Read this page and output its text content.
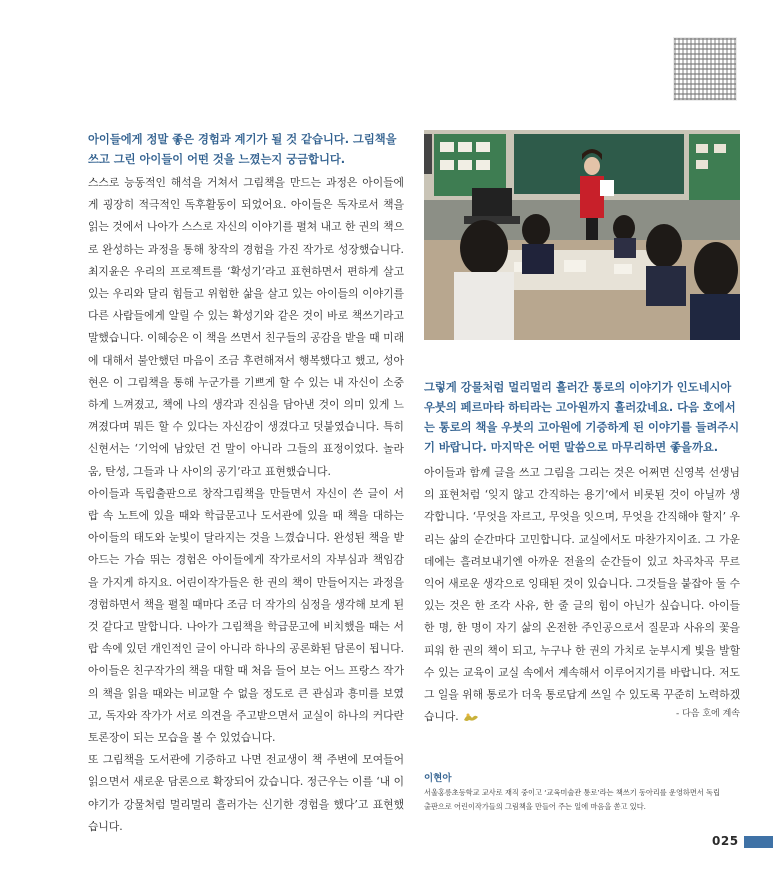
아이들에게 정말 좋은 경험과 계기가 될 것 같습니다. 그림책을 쓰고 그린 아이들이 어떤 것을 느꼈는지 궁금합니다.

스스로 능동적인 해석을 거쳐서 그림책을 만드는 과정은 아이들에게 굉장히 적극적인 독후활동이 되었어요. 아이들은 독자로서 책을 읽는 것에서 나아가 스스로 자신의 이야기를 펼쳐 내고 한 권의 책으로 완성하는 과정을 통해 창작의 경험을 가진 작가로 성장했습니다. 최지윤은 우리의 프로젝트를 ‘확성기’라고 표현하면서 편하게 살고 있는 우리와 달리 힘들고 위험한 삶을 살고 있는 아이들의 이야기를 다른 사람들에게 알릴 수 있는 확성기와 같은 것이 바로 책쓰기라고 말했습니다. 이혜승은 이 책을 쓰면서 친구들의 공감을 받을 때 미래에 대해서 불안했던 마음이 조금 후련해져서 행복했다고 했고, 성아현은 이 그림책을 통해 누군가를 기쁘게 할 수 있는 내 자신이 소중하게 느껴졌고, 책에 나의 생각과 진심을 담아낸 것이 의미 있게 느껴졌다며 뭐든 할 수 있다는 자신감이 생겼다고 덧붙였습니다. 특히 신현서는 ‘기억에 남았던 건 말이 아니라 그들의 표정이었다. 놀라움, 탄성, 그들과 나 사이의 공기’라고 표현했습니다.

아이들과 독립출판으로 창작그림책을 만들면서 자신이 쓴 글이 서랍 속 노트에 있을 때와 학급문고나 도서관에 있을 때 책을 대하는 아이들의 태도와 눈빛이 달라지는 것을 느꼈습니다. 완성된 책을 받아드는 가슴 뛰는 경험은 아이들에게 작가로서의 자부심과 책임감을 가지게 하지요. 어린이작가들은 한 권의 책이 만들어지는 과정을 경험하면서 책을 펼칠 때마다 조금 더 작가의 심정을 생각해 보게 된 것 같다고 말합니다. 나아가 그림책을 학급문고에 비치했을 때는 서랍 속에 있던 개인적인 글이 아니라 하나의 공론화된 담론이 됩니다. 아이들은 친구작가의 책을 대할 때 처음 들어 보는 어느 프랑스 작가의 책을 읽을 때와는 비교할 수 없을 정도로 큰 관심과 흥미를 보였고, 독자와 작가가 서로 의견을 주고받으면서 교실이 하나의 커다란 토론장이 되는 모습을 볼 수 있었습니다.

또 그림책을 도서관에 기증하고 나면 전교생이 책 주변에 모여들어 읽으면서 새로운 담론으로 확장되어 갔습니다. 정근우는 이를 ‘내 이야기가 강물처럼 멀리멀리 흘러가는 신기한 경험을 했다’고 표현했습니다.

그렇게 강물처럼 멀리멀리 흘러간 통로의 이야기가 인도네시아 우붓의 페르마타 하티라는 고아원까지 흘러갔네요. 다음 호에서는 통로의 책을 우붓의 고아원에 기증하게 된 이야기를 들려주시기 바랍니다. 마지막은 어떤 말씀으로 마무리하면 좋을까요.

아이들과 함께 글을 쓰고 그림을 그리는 것은 어쩌면 신영복 선생님의 표현처럼 ‘잊지 않고 간직하는 용기’에서 비롯된 것이 아닐까 생각합니다. ‘무엇을 자르고, 무엇을 잇으며, 무엇을 간직해야 할지’ 우리는 삶의 순간마다 고민합니다. 교실에서도 마찬가지이죠. 그 가운데에는 흘려보내기엔 아까운 전율의 순간들이 있고 차곡차곡 무르익어 새로운 생각으로 잉태된 것이 있습니다. 그것들을 붙잡아 둘 수 있는 것은 한 조각 사유, 한 줄 글의 힘이 아닌가 싶습니다. 아이들 한 명, 한 명이 자기 삶의 온전한 주인공으로서 질문과 사유의 꽃을 피워 한 권의 책이 되고, 누구나 한 권의 가치로 눈부시게 빛을 발할 수 있는 교육이 교실 속에서 계속해서 이루어지기를 바랍니다. 저도 그 일을 위해 통로가 더욱 통로답게 쓰일 수 있도록 꾸준히 노력하겠습니다.	- 다음 호에 계속
이현아
서울홍릉초등학교 교사로 재직 중이고 ‘교육미술관 통로’라는 책쓰기 동아리를 운영하면서 독립출판으로 어린이작가들의 그림책을 만들어 주는 일에 마음을 쏟고 있다.
025
